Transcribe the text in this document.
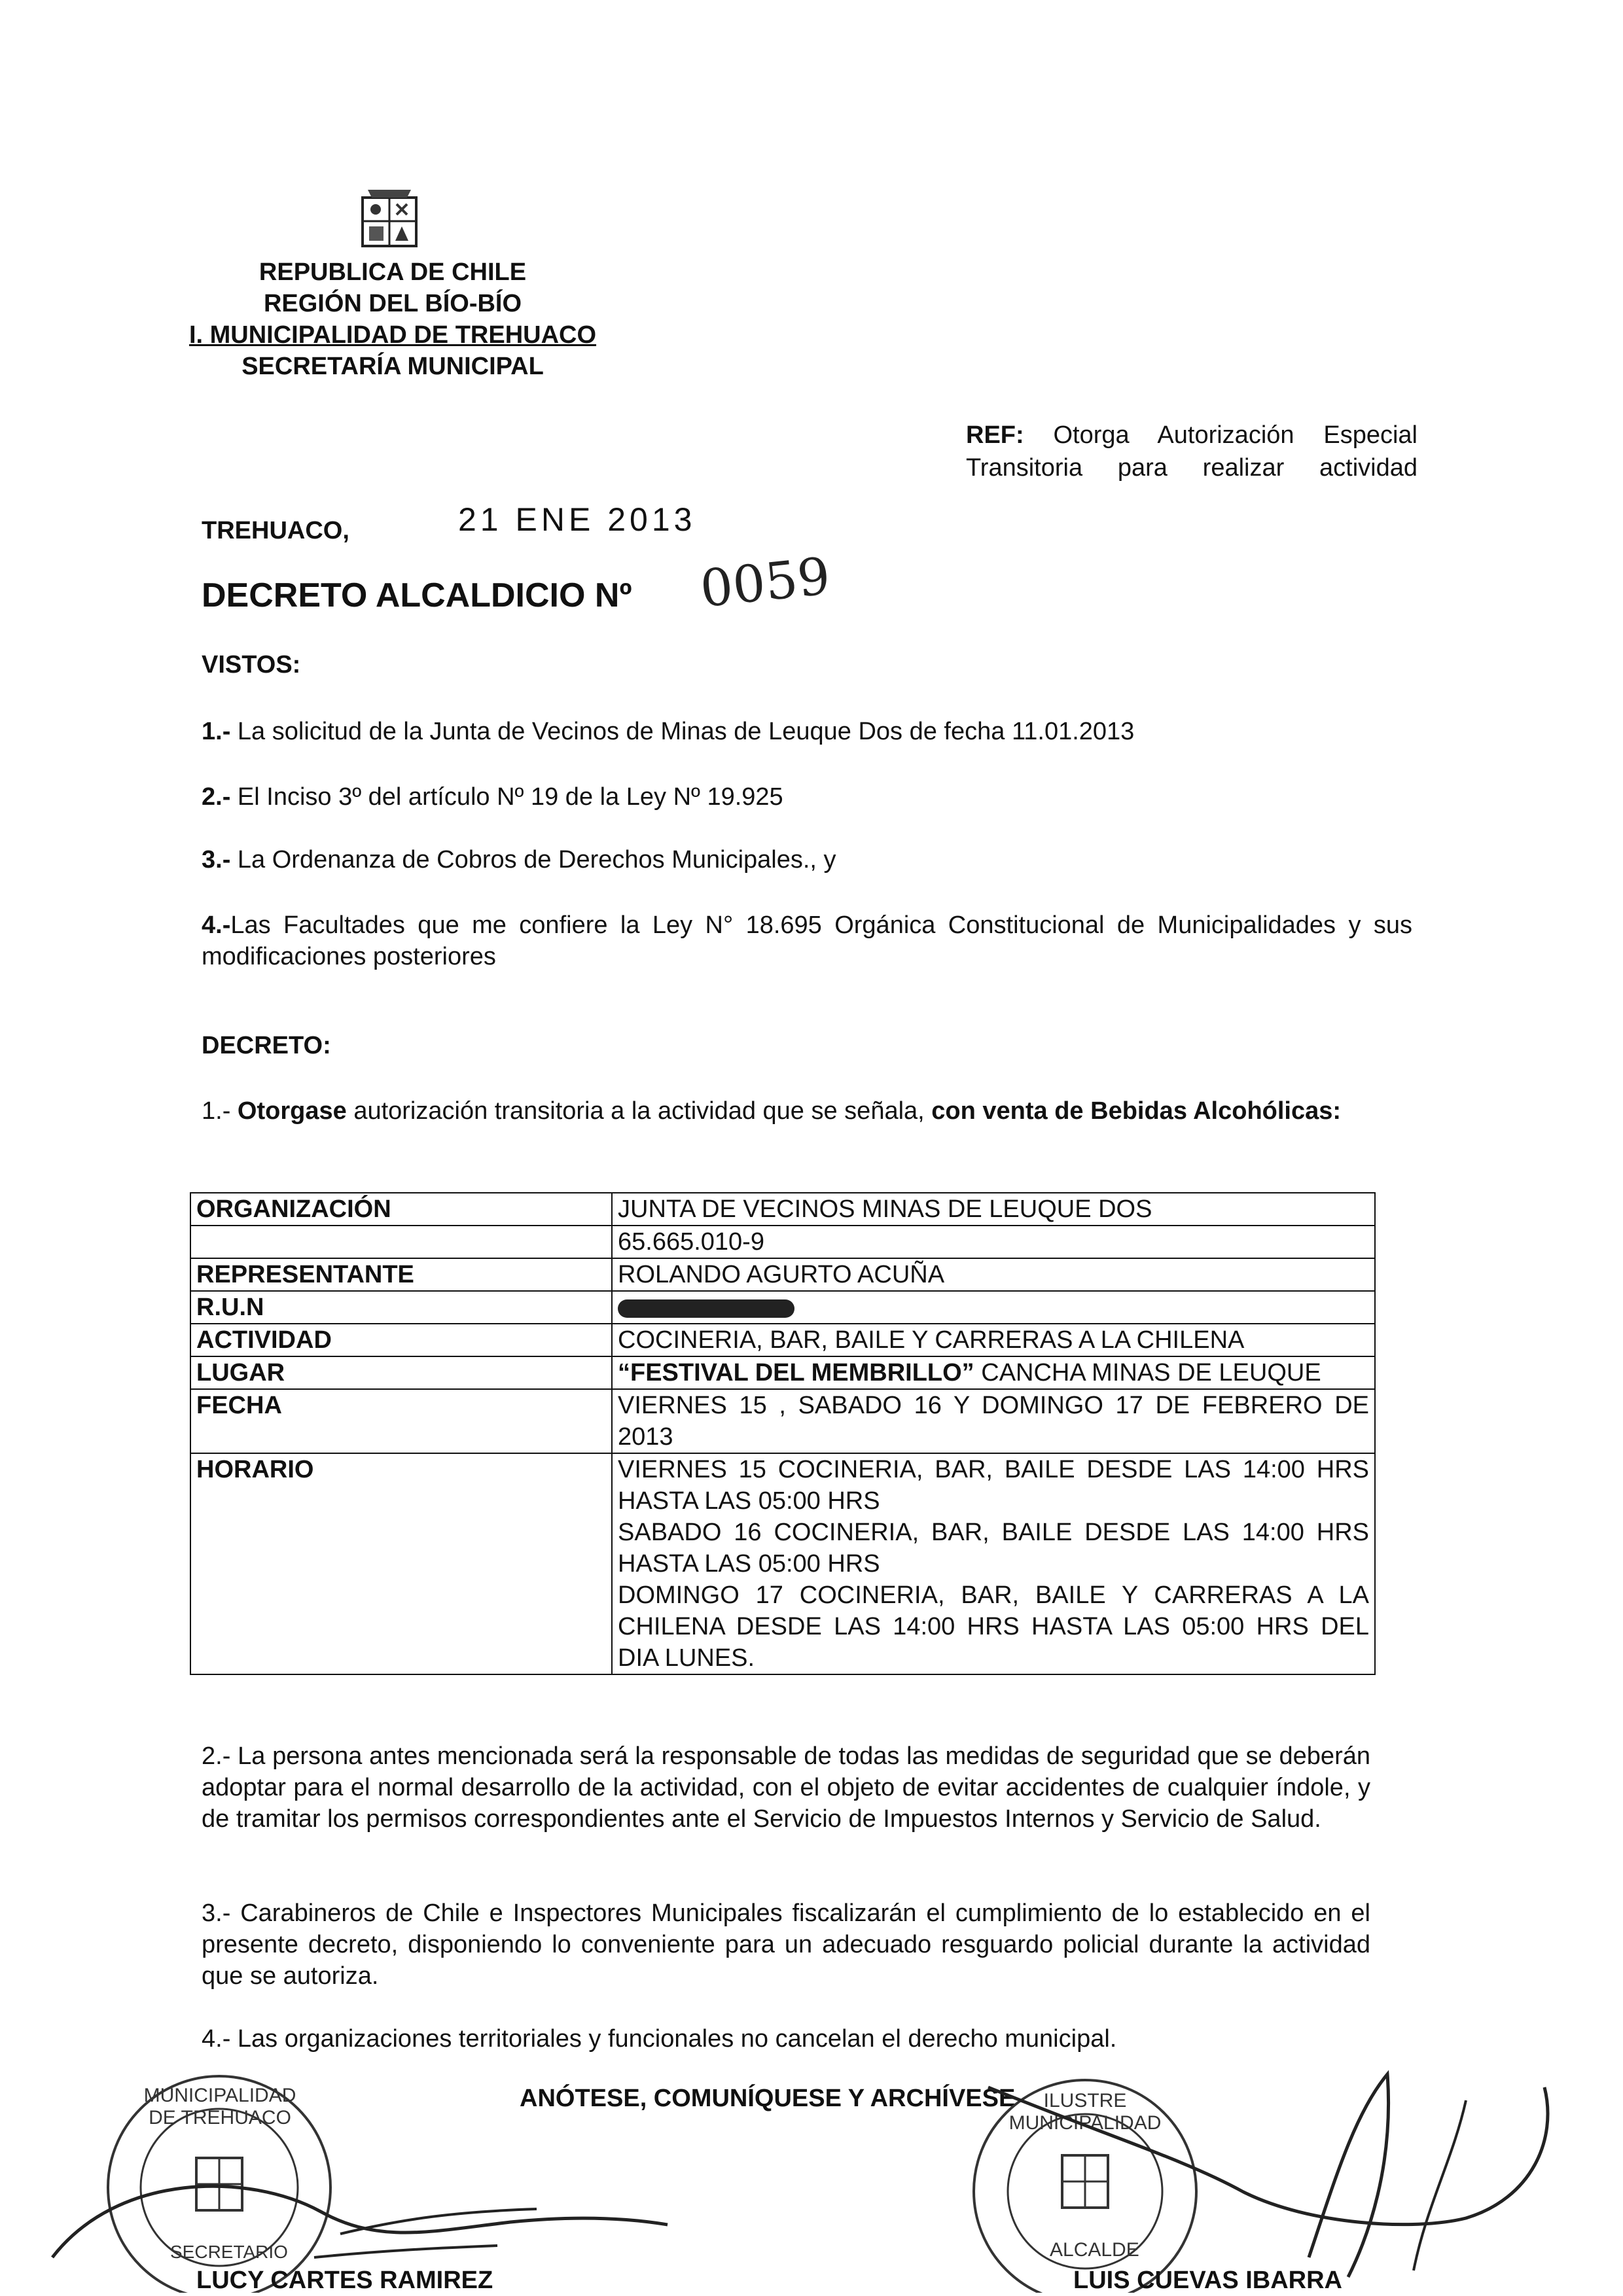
REPUBLICA DE CHILE
REGIÓN DEL BÍO-BÍO
I. MUNICIPALIDAD DE TREHUACO
SECRETARÍA MUNICIPAL
REF: Otorga Autorización Especial Transitoria para realizar actividad
TREHUACO,	21 ENE 2013
DECRETO ALCALDICIO Nº 0059
VISTOS:
1.- La solicitud de la Junta de Vecinos de Minas de Leuque Dos de fecha 11.01.2013
2.- El Inciso 3º del artículo Nº 19 de la Ley Nº 19.925
3.- La Ordenanza de Cobros de Derechos Municipales., y
4.-Las Facultades que me confiere la Ley N° 18.695 Orgánica Constitucional de Municipalidades y sus modificaciones posteriores
DECRETO:
1.- Otorgase autorización transitoria a la actividad que se señala, con venta de Bebidas Alcohólicas:
ORGANIZACIÓN	JUNTA DE VECINOS MINAS DE LEUQUE DOS
	65.665.010-9
REPRESENTANTE	ROLANDO AGURTO ACUÑA
R.U.N	
ACTIVIDAD	COCINERIA, BAR, BAILE Y CARRERAS A LA CHILENA
LUGAR	“FESTIVAL DEL MEMBRILLO” CANCHA MINAS DE LEUQUE
FECHA	VIERNES 15 , SABADO 16 Y DOMINGO 17 DE FEBRERO DE 2013
HORARIO	VIERNES 15 COCINERIA, BAR, BAILE DESDE LAS 14:00 HRS HASTA LAS 05:00 HRS
SABADO 16 COCINERIA, BAR, BAILE DESDE LAS 14:00 HRS HASTA LAS 05:00 HRS
DOMINGO 17 COCINERIA, BAR, BAILE Y CARRERAS A LA CHILENA DESDE LAS 14:00 HRS HASTA LAS 05:00 HRS DEL DIA LUNES.
2.- La persona antes mencionada será la responsable de todas las medidas de seguridad que se deberán adoptar para el normal desarrollo de la actividad, con el objeto de evitar accidentes de cualquier índole, y de tramitar los permisos correspondientes ante el Servicio de Impuestos Internos y Servicio de Salud.
3.- Carabineros de Chile e Inspectores Municipales fiscalizarán el cumplimiento de lo establecido en el presente decreto, disponiendo lo conveniente para un adecuado resguardo policial durante la actividad que se autoriza.
4.- Las organizaciones territoriales y funcionales no cancelan el derecho municipal.
ANÓTESE, COMUNÍQUESE Y ARCHÍVESE
MUNICIPALIDAD DE TREHUACO
SECRETARIO
ILUSTRE MUNICIPALIDAD
ALCALDE
LUCY CARTES RAMIREZ	LUIS CUEVAS IBARRA
